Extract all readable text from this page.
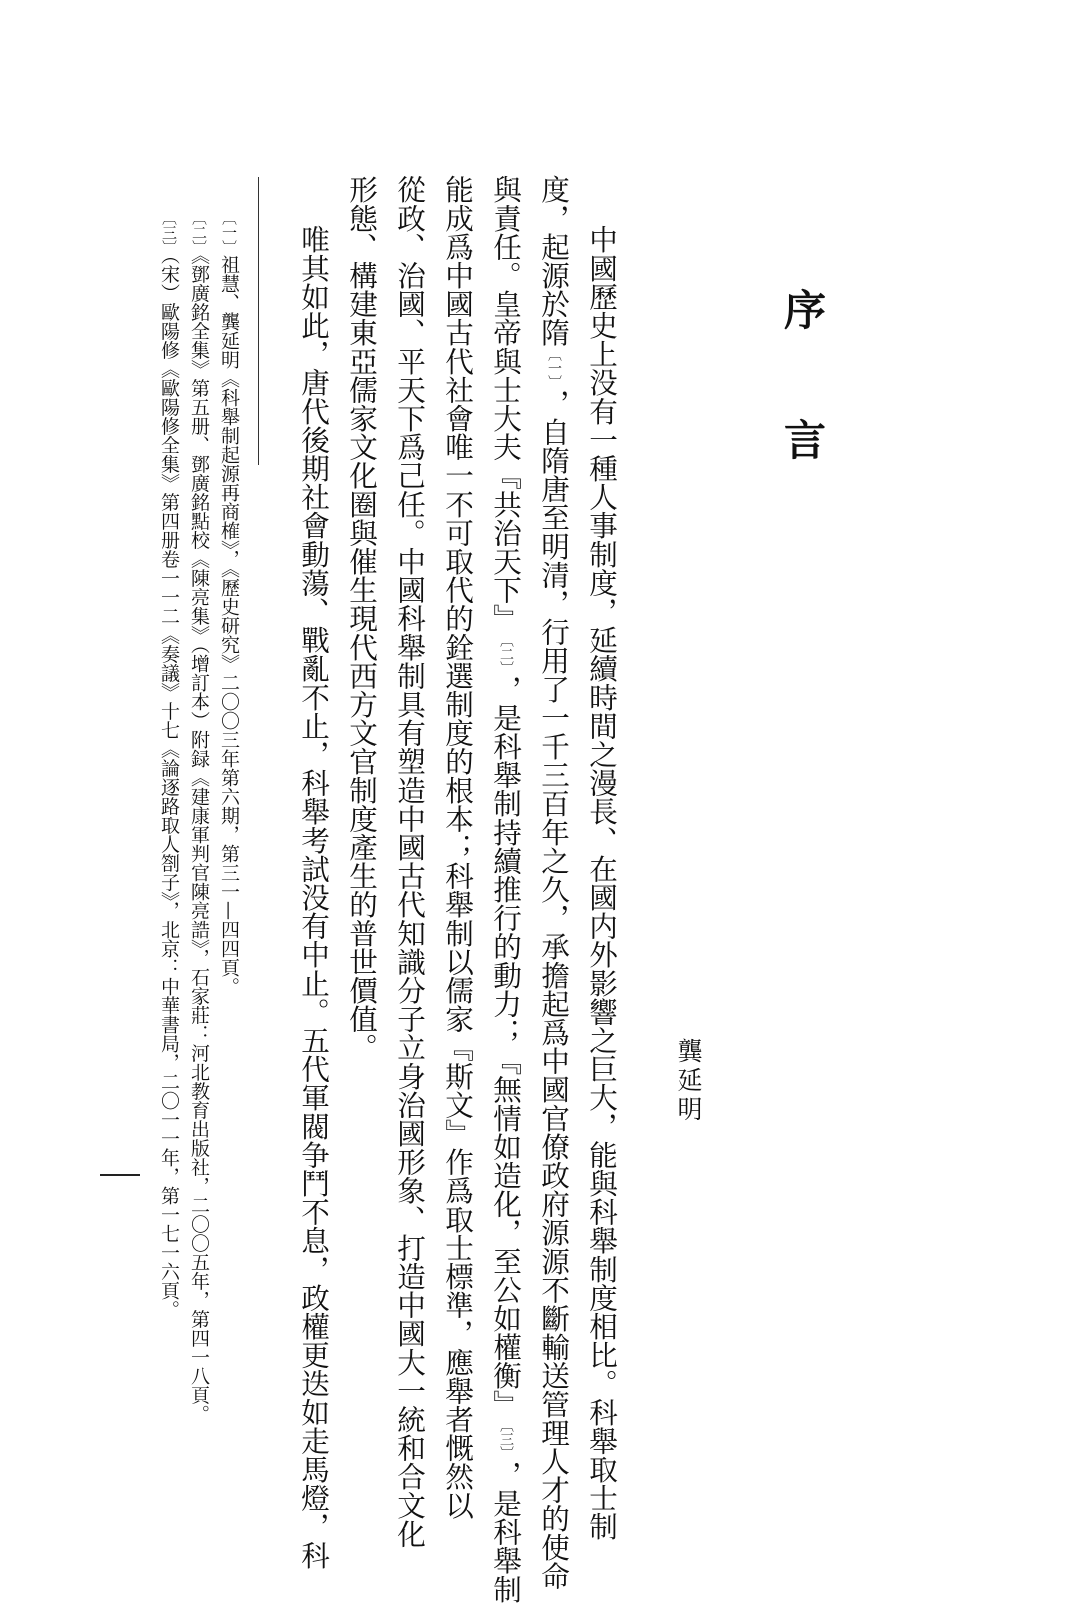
序
言
龔延明
中國歷史上没有一種人事制度，延續時間之漫長、在國内外影響之巨大，能與科舉制度相比。科舉取士制
度，起源於隋〔一〕，自隋唐至明清，行用了一千三百年之久，承擔起爲中國官僚政府源源不斷輸送管理人才的使命
與責任。皇帝與士大夫『共治天下』〔二〕，是科舉制持續推行的動力；『無情如造化，至公如權衡』〔三〕，是科舉制
能成爲中國古代社會唯一不可取代的銓選制度的根本；科舉制以儒家『斯文』作爲取士標準，應舉者慨然以
從政、治國、平天下爲己任。中國科舉制具有塑造中國古代知識分子立身治國形象、打造中國大一統和合文化
形態、構建東亞儒家文化圈與催生現代西方文官制度產生的普世價值。
唯其如此，唐代後期社會動蕩、戰亂不止，科舉考試没有中止。五代軍閥争鬥不息，政權更迭如走馬燈，科
〔一〕祖慧、龔延明《科舉制起源再商榷》，《歷史研究》二〇〇三年第六期，第三一—四四頁。
〔二〕《鄧廣銘全集》第五册、鄧廣銘點校《陳亮集》（增訂本）附録《建康軍判官陳亮誥》，石家莊：河北教育出版社，二〇〇五年，第四一八頁。
〔三〕（宋）歐陽修《歐陽修全集》第四册卷一一二《奏議》十七《論逐路取人劄子》，北京：中華書局，二〇一一年，第一七一六頁。
